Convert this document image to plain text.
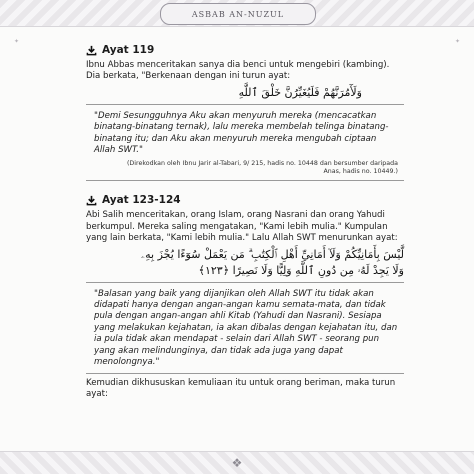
ASBAB AN-NUZUL
✦	✦
Ayat 119

Ibnu Abbas menceritakan sanya dia benci untuk mengebiri (kambing). Dia berkata, "Berkenaan dengan ini turun ayat:

وَلَأٓمُرَنَّهُمْ فَلَيُغَيِّرُنَّ خَلْقَ ٱللَّهِ

"Demi Sesungguhnya Aku akan menyuruh mereka (mencacatkan binatang-binatang ternak), lalu mereka membelah telinga binatang-binatang itu; dan Aku akan menyuruh mereka mengubah ciptaan Allah SWT."

(Direkodkan oleh Ibnu Jarir al-Tabari, 9/ 215, hadis no. 10448 dan bersumber daripada
Anas, hadis no. 10449.)
Ayat 123-124

Abi Salih menceritakan, orang Islam, orang Nasrani dan orang Yahudi berkumpul. Mereka saling mengatakan, "Kami lebih mulia." Kumpulan yang lain berkata, "Kami lebih mulia." Lalu Allah SWT menurunkan ayat:

لَّيْسَ بِأَمَانِيِّكُمْ وَلَآ أَمَانِيِّ أَهْلِ ٱلْكِتَٰبِ ۗ مَن يَعْمَلْ سُوٓءًا يُجْزَ بِهِۦ
وَلَا يَجِدْ لَهُۥ مِن دُونِ ٱللَّهِ وَلِيًّا وَلَا نَصِيرًا ﴿١٢٣﴾

"Balasan yang baik yang dijanjikan oleh Allah SWT itu tidak akan didapati hanya dengan angan-angan kamu semata-mata, dan tidak pula dengan angan-angan ahli Kitab (Yahudi dan Nasrani). Sesiapa yang melakukan kejahatan, ia akan dibalas dengan kejahatan itu, dan ia pula tidak akan mendapat - selain dari Allah SWT - seorang pun yang akan melindunginya, dan tidak ada juga yang dapat menolongnya."

Kemudian dikhususkan kemuliaan itu untuk orang beriman, maka turun ayat:

❖
